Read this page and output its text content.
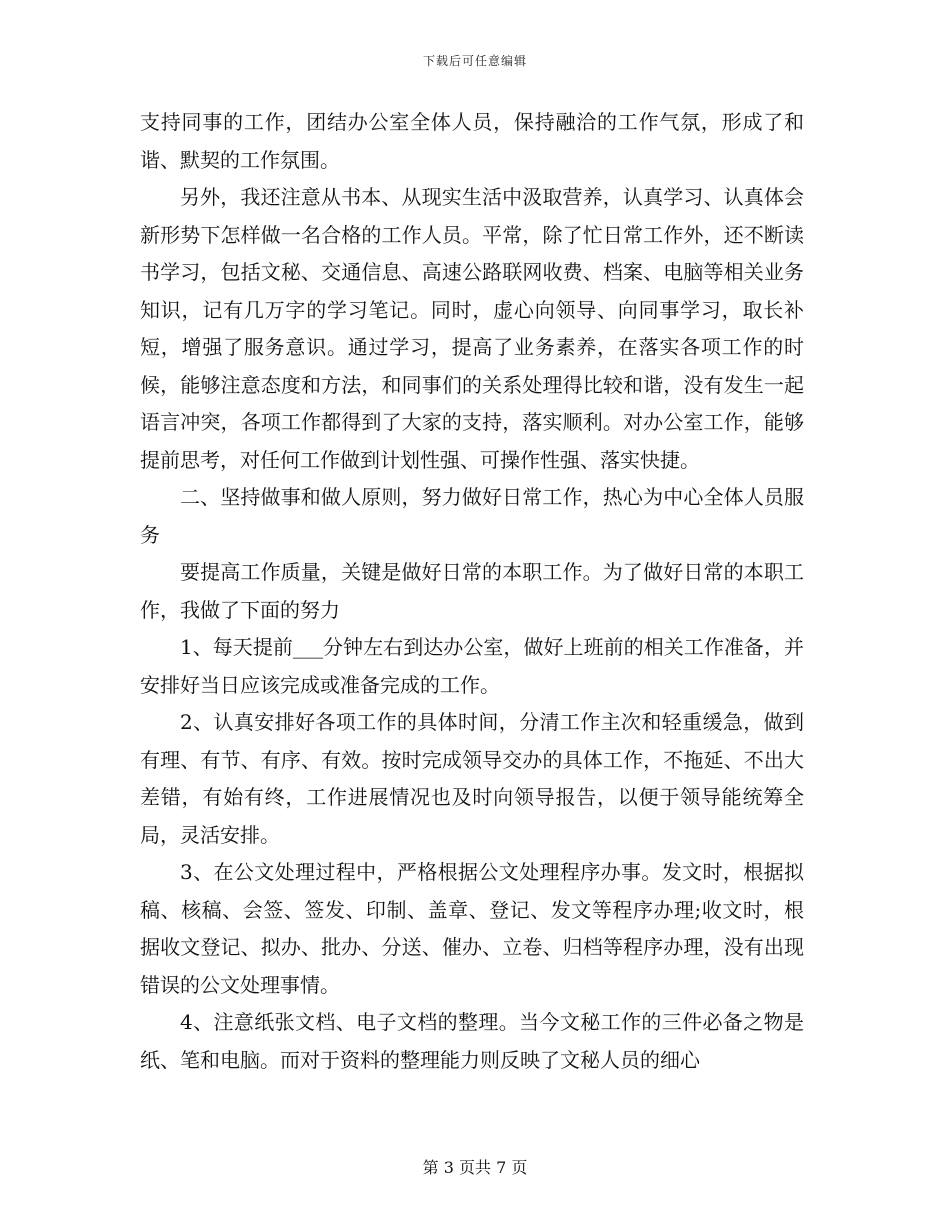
下载后可任意编辑

支持同事的工作，团结办公室全体人员，保持融洽的工作气氛，形成了和谐、默契的工作氛围。

另外，我还注意从书本、从现实生活中汲取营养，认真学习、认真体会新形势下怎样做一名合格的工作人员。平常，除了忙日常工作外，还不断读书学习，包括文秘、交通信息、高速公路联网收费、档案、电脑等相关业务知识，记有几万字的学习笔记。同时，虚心向领导、向同事学习，取长补短，增强了服务意识。通过学习，提高了业务素养，在落实各项工作的时候，能够注意态度和方法，和同事们的关系处理得比较和谐，没有发生一起语言冲突，各项工作都得到了大家的支持，落实顺利。对办公室工作，能够提前思考，对任何工作做到计划性强、可操作性强、落实快捷。

二、坚持做事和做人原则，努力做好日常工作，热心为中心全体人员服务

要提高工作质量，关键是做好日常的本职工作。为了做好日常的本职工作，我做了下面的努力

1、每天提前___分钟左右到达办公室，做好上班前的相关工作准备，并安排好当日应该完成或准备完成的工作。

2、认真安排好各项工作的具体时间，分清工作主次和轻重缓急，做到有理、有节、有序、有效。按时完成领导交办的具体工作，不拖延、不出大差错，有始有终，工作进展情况也及时向领导报告，以便于领导能统筹全局，灵活安排。

3、在公文处理过程中，严格根据公文处理程序办事。发文时，根据拟稿、核稿、会签、签发、印制、盖章、登记、发文等程序办理;收文时，根据收文登记、拟办、批办、分送、催办、立卷、归档等程序办理，没有出现错误的公文处理事情。

4、注意纸张文档、电子文档的整理。当今文秘工作的三件必备之物是纸、笔和电脑。而对于资料的整理能力则反映了文秘人员的细心

第 3 页共 7 页
